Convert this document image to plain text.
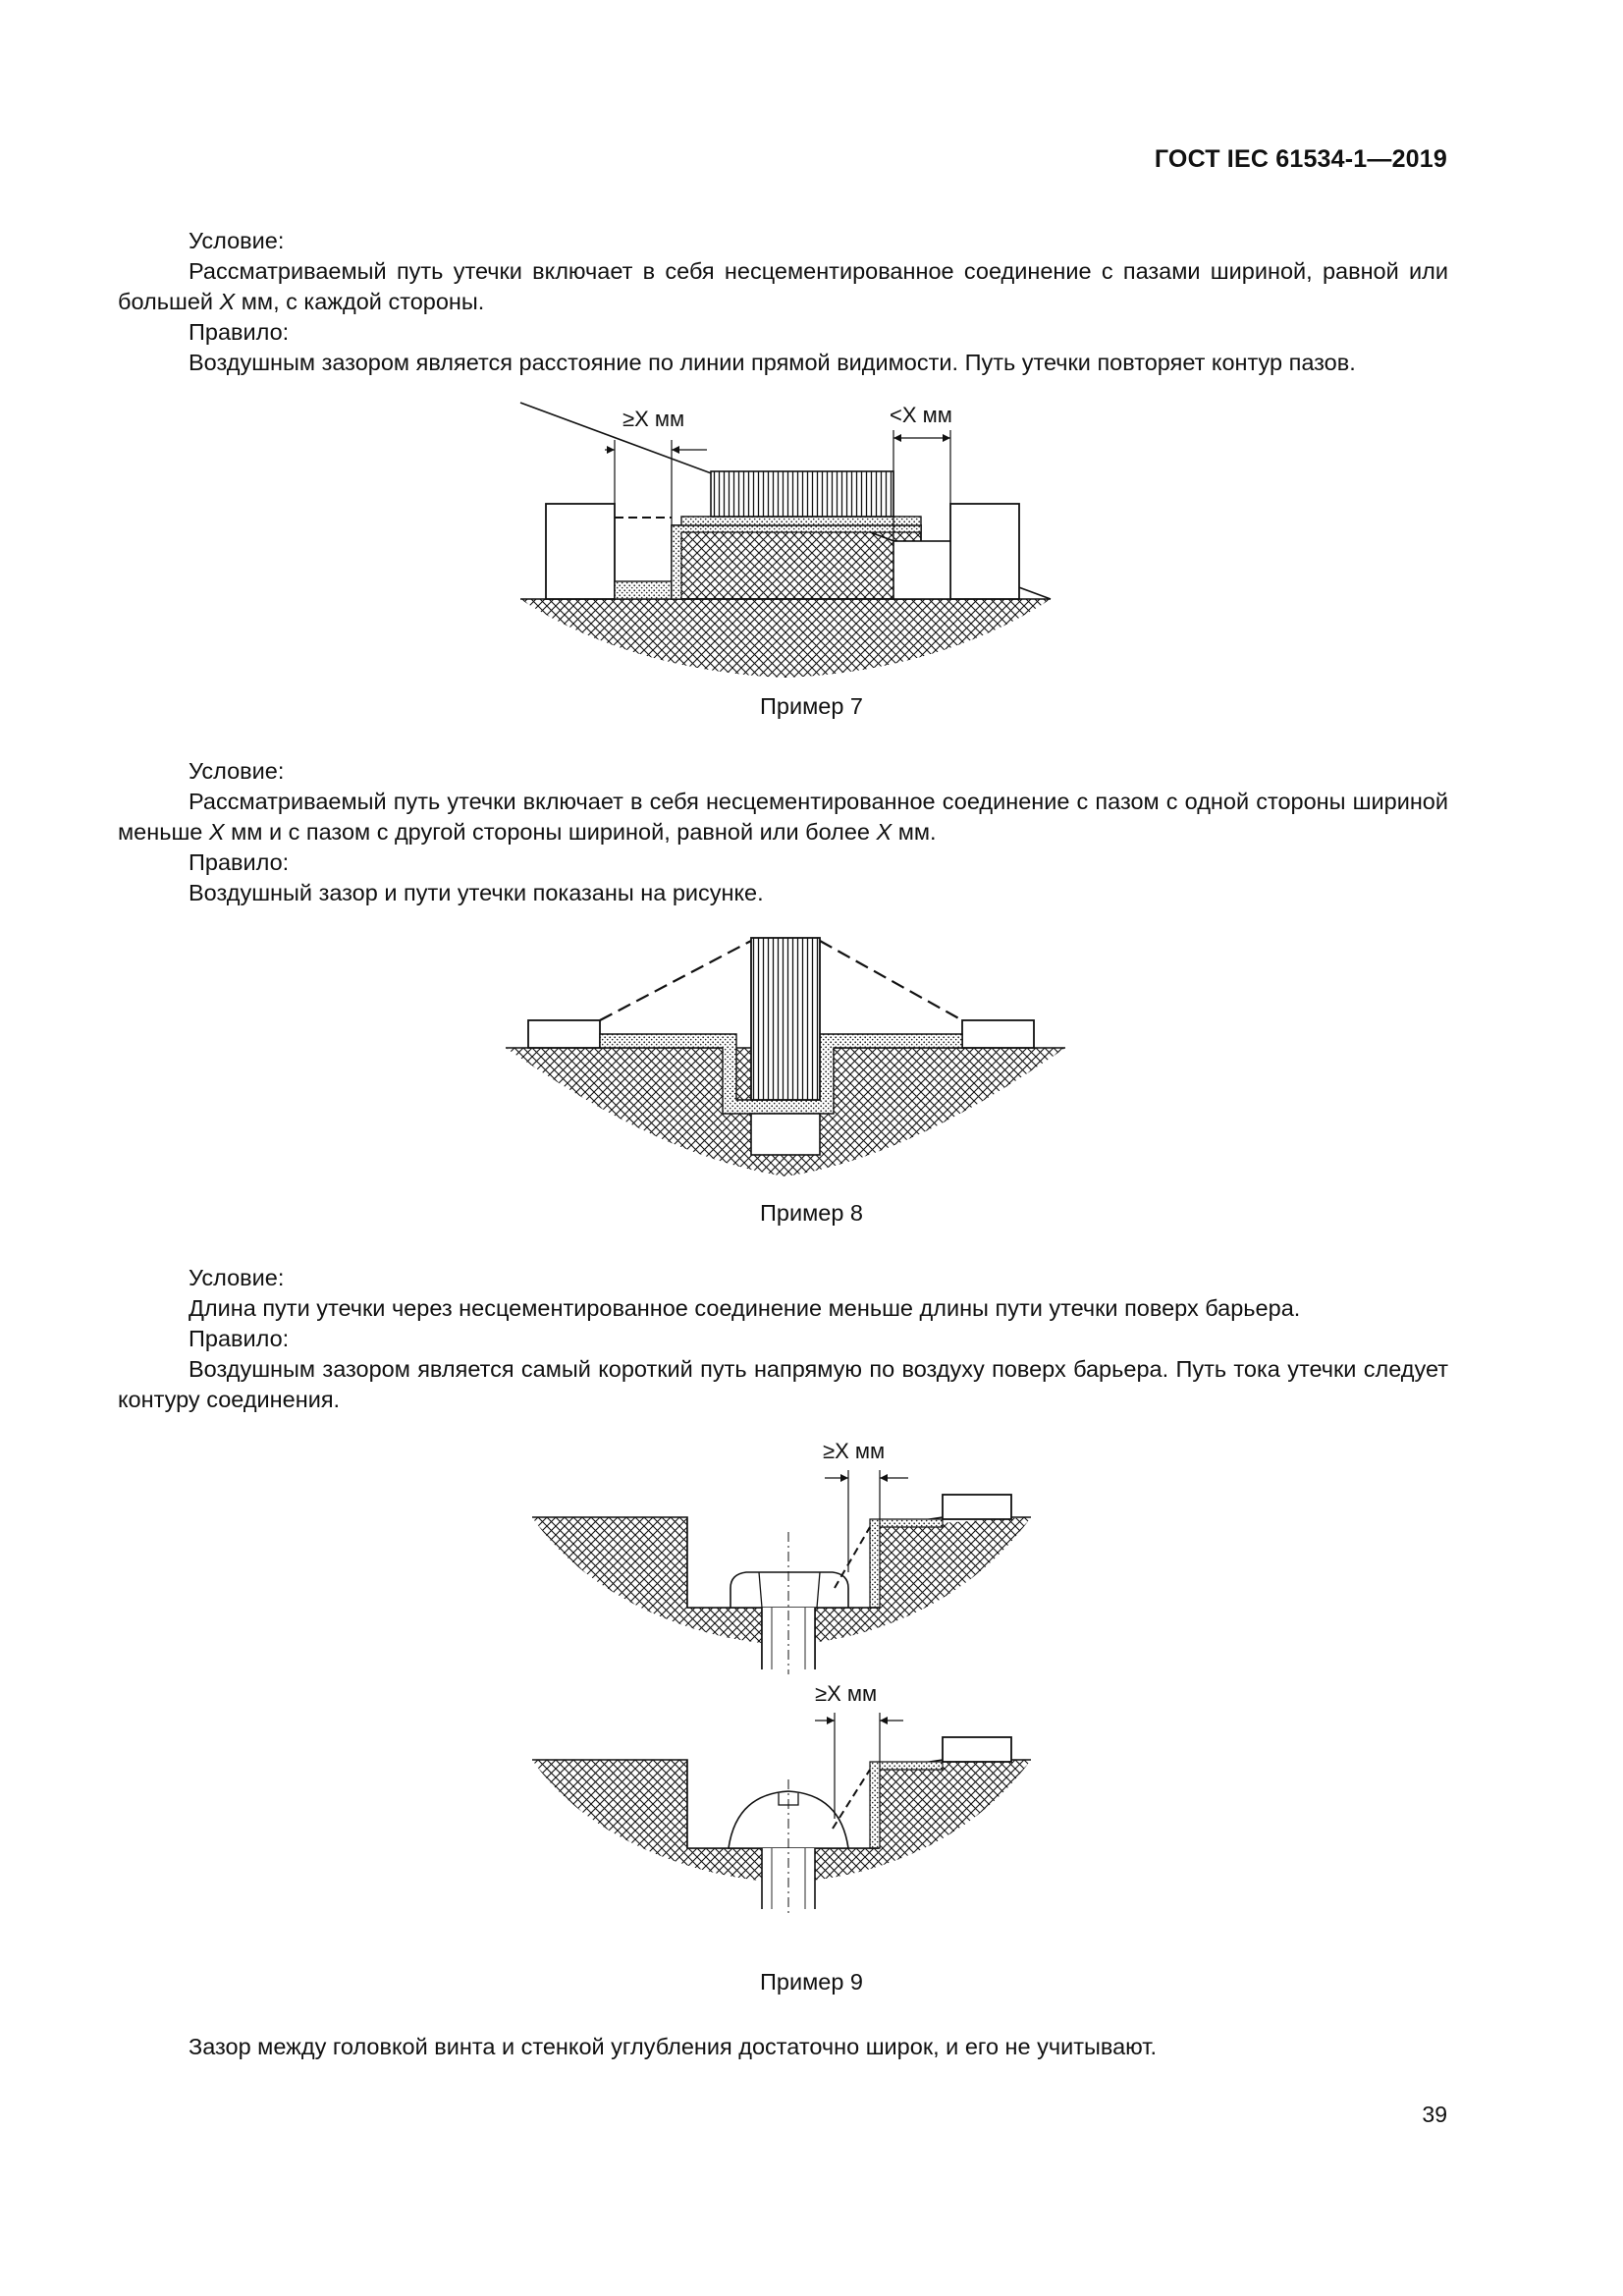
ГОСТ IEC 61534-1—2019
Условие:
Рассматриваемый путь утечки включает в себя несцементированное соединение с пазами шириной, равной или большей X мм, с каждой стороны.
Правило:
Воздушным зазором является расстояние по линии прямой видимости. Путь утечки повторяет контур пазов.
≥X мм	<X мм
Пример 7
Условие:
Рассматриваемый путь утечки включает в себя несцементированное соединение с пазом с одной стороны шириной меньше X мм и с пазом с другой стороны шириной, равной или более X мм.
Правило:
Воздушный зазор и пути утечки показаны на рисунке.
Пример 8
Условие:
Длина пути утечки через несцементированное соединение меньше длины пути утечки поверх барьера.
Правило:
Воздушным зазором является самый короткий путь напрямую по воздуху поверх барьера. Путь тока утечки следует контуру соединения.
≥X мм
≥X мм
Пример 9
Зазор между головкой винта и стенкой углубления достаточно широк, и его не учитывают.
39
